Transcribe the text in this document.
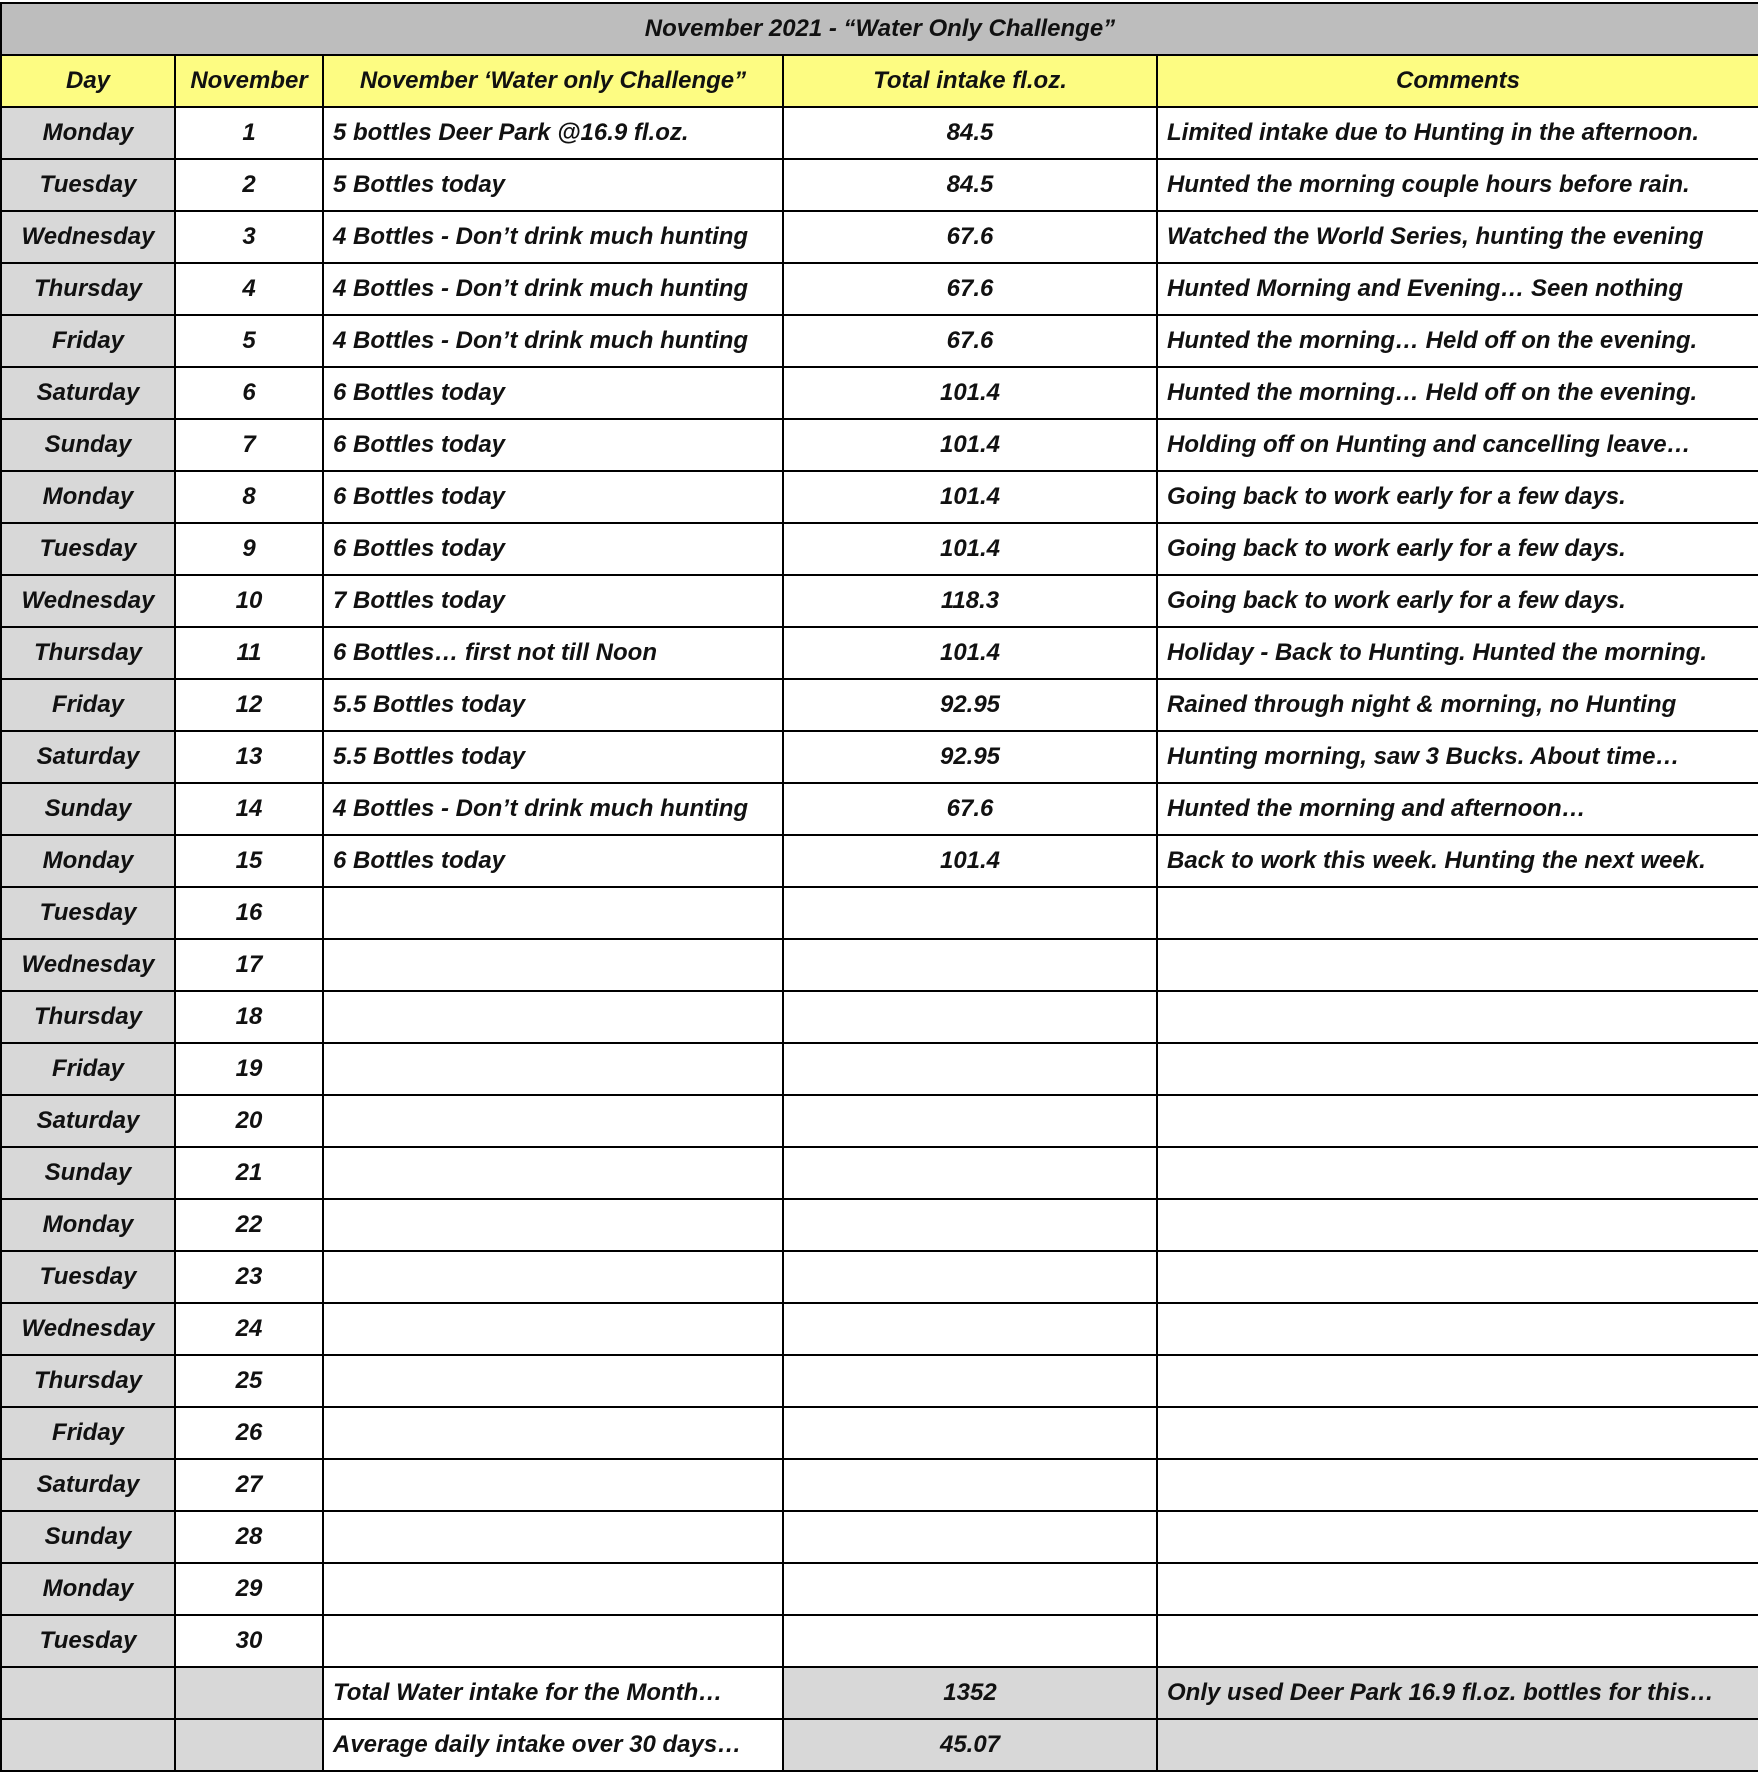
November 2021 - “Water Only Challenge”				
Day	November	November ‘Water only Challenge”	Total intake fl.oz.	Comments
Monday	1	5 bottles Deer Park @16.9 fl.oz.	84.5	Limited intake due to Hunting in the afternoon.
Tuesday	2	5 Bottles today	84.5	Hunted the morning couple hours before rain.
Wednesday	3	4 Bottles - Don’t drink much hunting	67.6	Watched the World Series, hunting the evening
Thursday	4	4 Bottles - Don’t drink much hunting	67.6	Hunted Morning and Evening… Seen nothing
Friday	5	4 Bottles - Don’t drink much hunting	67.6	Hunted the morning… Held off on the evening.
Saturday	6	6 Bottles today	101.4	Hunted the morning… Held off on the evening.
Sunday	7	6 Bottles today	101.4	Holding off on Hunting and cancelling leave…
Monday	8	6 Bottles today	101.4	Going back to work early for a few days.
Tuesday	9	6 Bottles today	101.4	Going back to work early for a few days.
Wednesday	10	7 Bottles today	118.3	Going back to work early for a few days.
Thursday	11	6 Bottles… first not till Noon	101.4	Holiday - Back to Hunting. Hunted the morning.
Friday	12	5.5 Bottles today	92.95	Rained through night & morning, no Hunting
Saturday	13	5.5 Bottles today	92.95	Hunting morning, saw 3 Bucks. About time…
Sunday	14	4 Bottles - Don’t drink much hunting	67.6	Hunted the morning and afternoon…
Monday	15	6 Bottles today	101.4	Back to work this week. Hunting the next week.
Tuesday	16			
Wednesday	17			
Thursday	18			
Friday	19			
Saturday	20			
Sunday	21			
Monday	22			
Tuesday	23			
Wednesday	24			
Thursday	25			
Friday	26			
Saturday	27			
Sunday	28			
Monday	29			
Tuesday	30			
		Total Water intake for the Month…	1352	Only used Deer Park 16.9 fl.oz. bottles for this…
		Average daily intake over 30 days…	45.07	
